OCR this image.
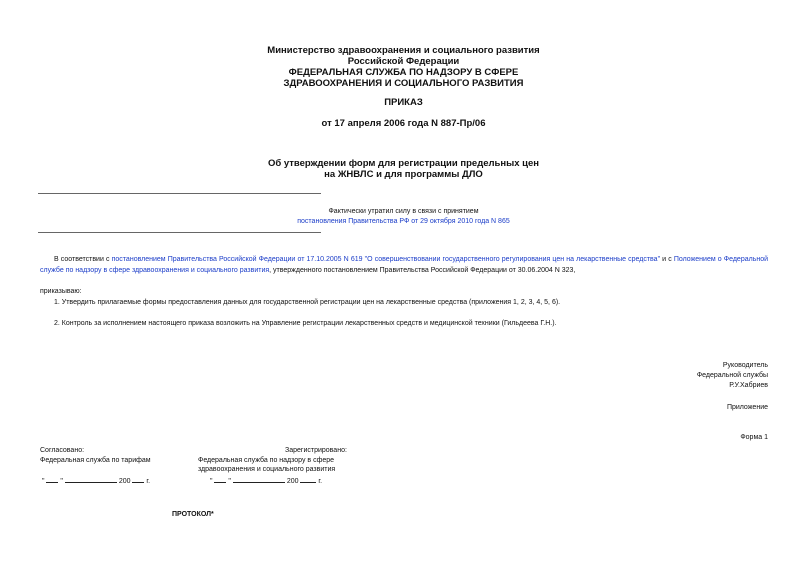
Министерство здравоохранения и социального развития
Российской Федерации
ФЕДЕРАЛЬНАЯ СЛУЖБА ПО НАДЗОРУ В СФЕРЕ
ЗДРАВООХРАНЕНИЯ И СОЦИАЛЬНОГО РАЗВИТИЯ
ПРИКАЗ
от 17 апреля 2006 года N 887-Пр/06
Об утверждении форм для регистрации предельных цен
на ЖНВЛС и для программы ДЛО
Фактически утратил силу в связи с принятием
постановления Правительства РФ от 29 октября 2010 года N 865
В соответствии с постановлением Правительства Российской Федерации от 17.10.2005 N 619 "О совершенствовании государственного регулирования цен на лекарственные средства" и с Положением о Федеральной службе по надзору в сфере здравоохранения и социального развития, утвержденного постановлением Правительства Российской Федерации от 30.06.2004 N 323,
приказываю:
1. Утвердить прилагаемые формы предоставления данных для государственной регистрации цен на лекарственные средства (приложения 1, 2, 3, 4, 5, 6).
2. Контроль за исполнением настоящего приказа возложить на Управление регистрации лекарственных средств и медицинской техники (Гильдеева Г.Н.).
Руководитель
Федеральной службы
Р.У.Хабриев
Приложение
Форма 1
Согласовано:	Зарегистрировано:
Федеральная служба по тарифам	Федеральная служба по надзору в сфере
здравоохранения и социального развития
" "	200 г.	" "	200	г.
ПРОТОКОЛ*
